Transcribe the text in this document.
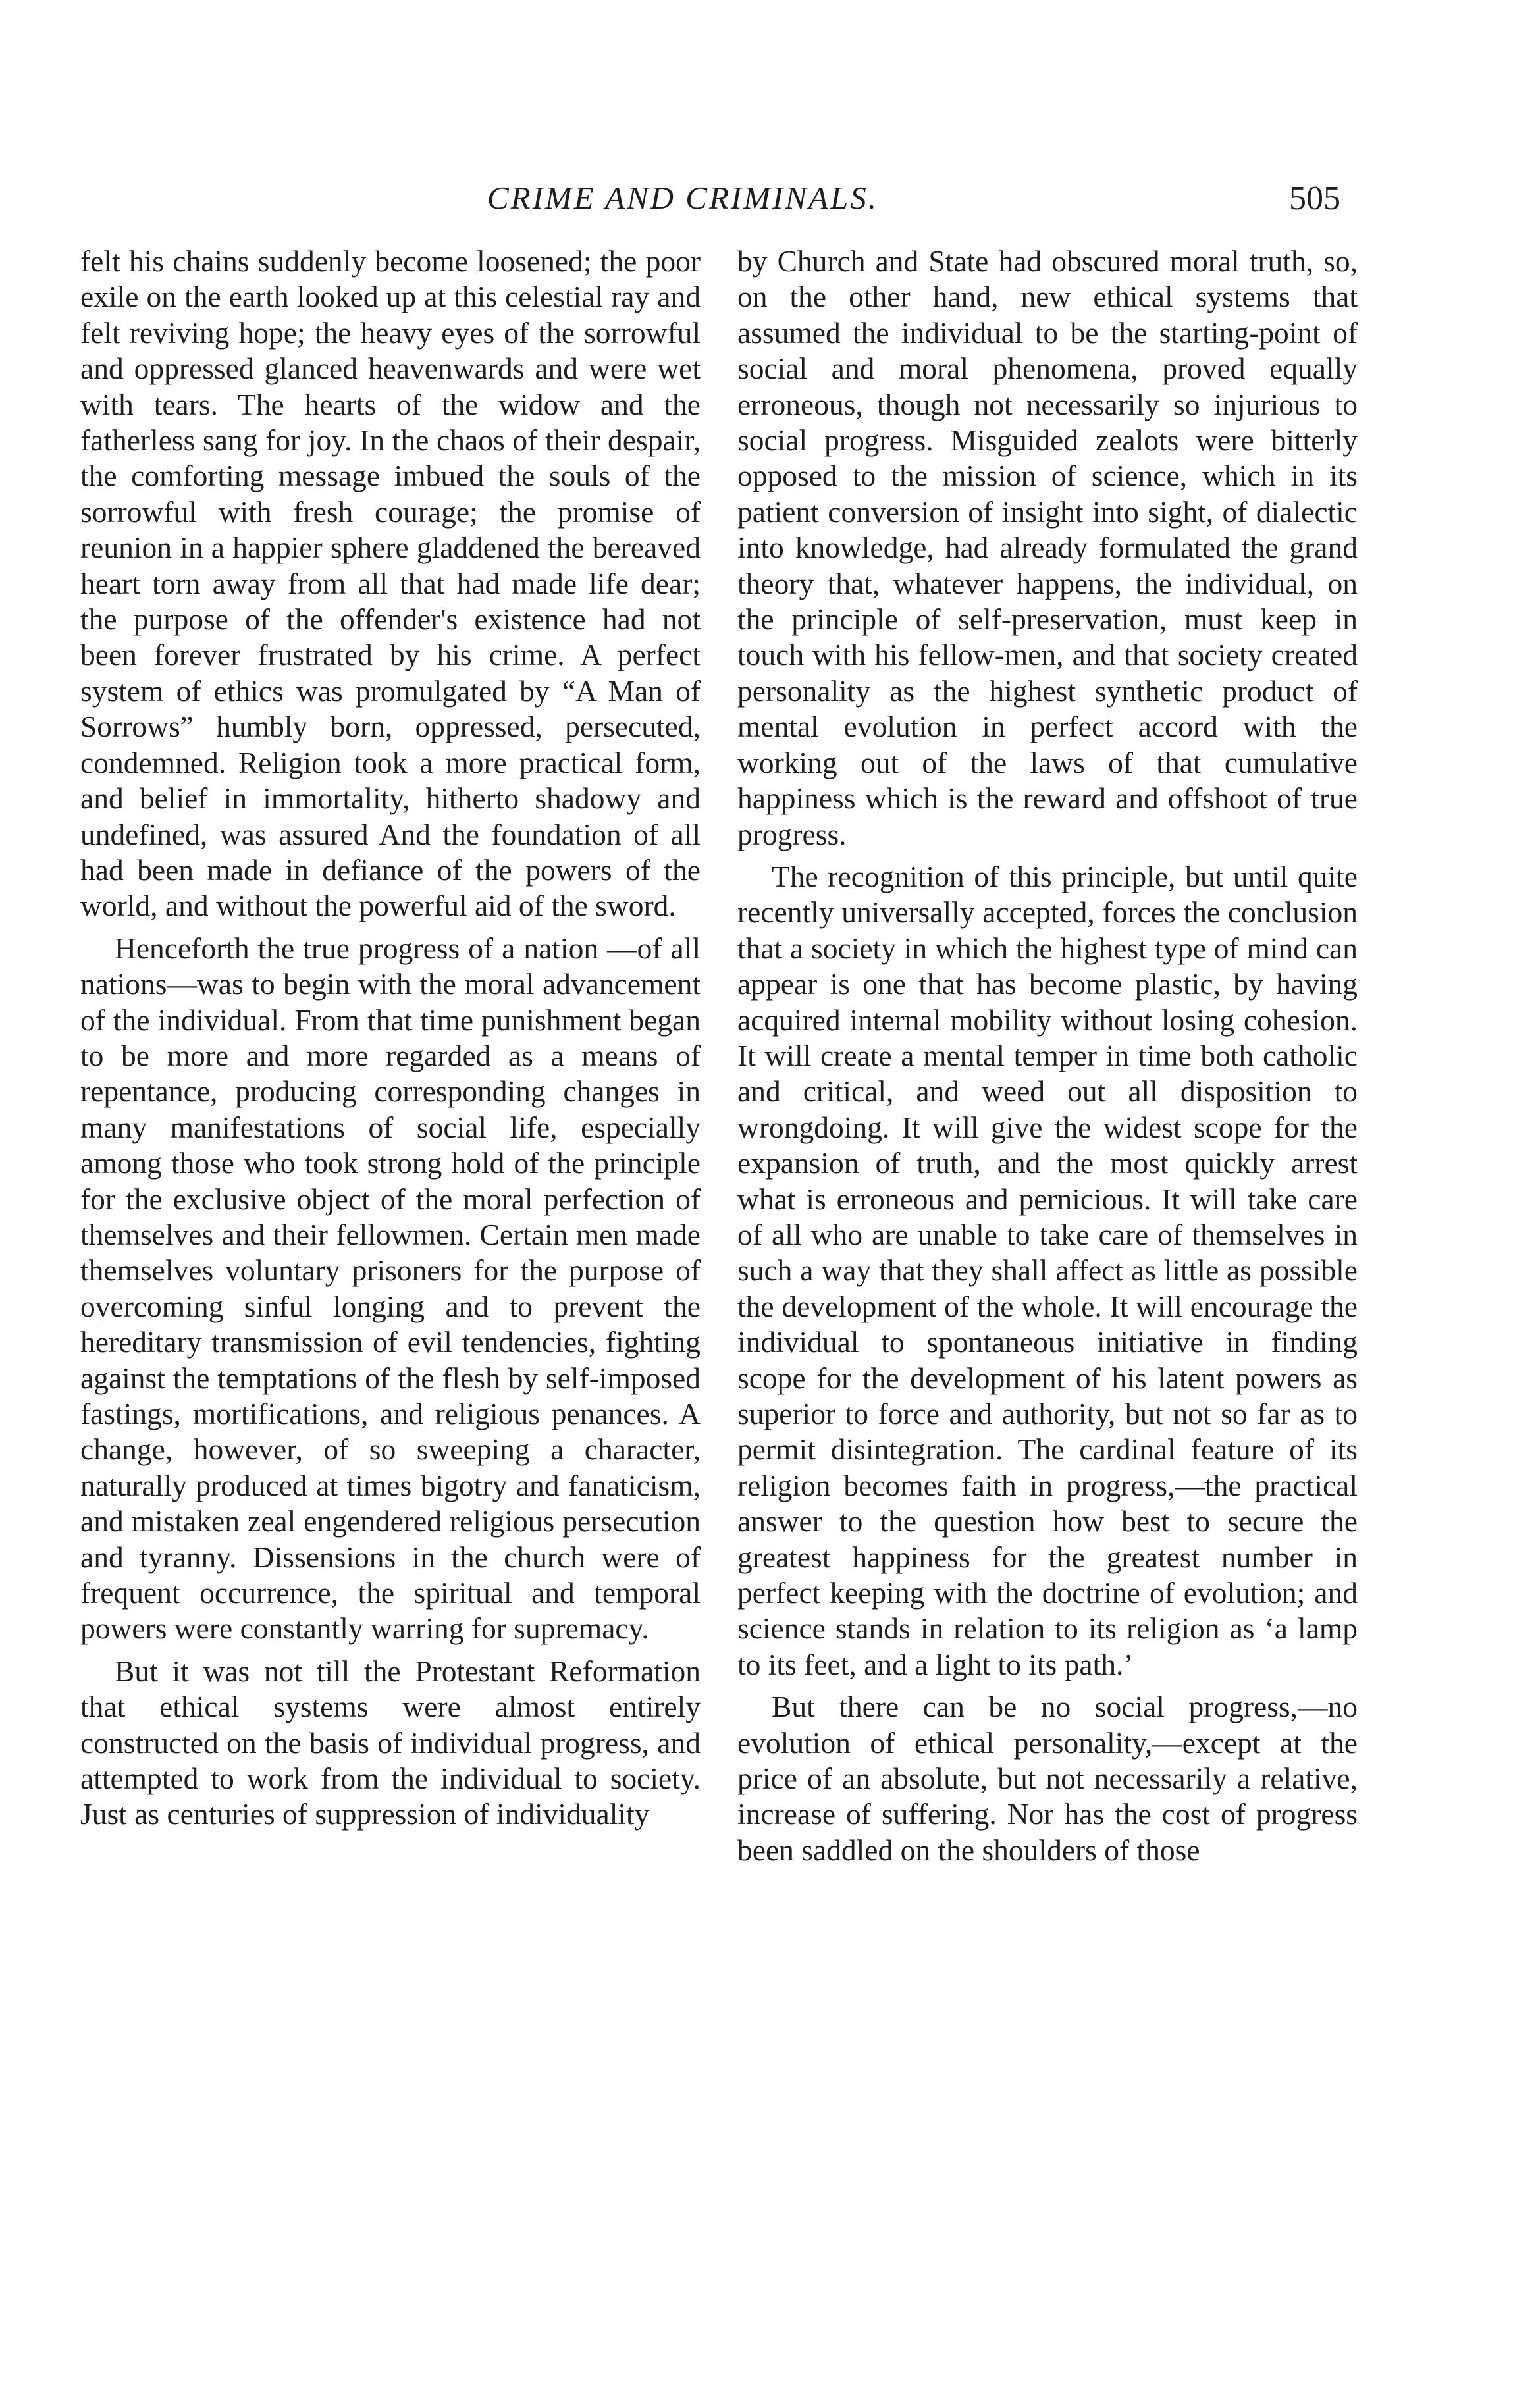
CRIME AND CRIMINALS.	505

felt his chains suddenly become loosened; the poor exile on the earth looked up at this celestial ray and felt reviving hope; the heavy eyes of the sorrowful and oppressed glanced heavenwards and were wet with tears. The hearts of the widow and the fatherless sang for joy. In the chaos of their despair, the comforting message imbued the souls of the sorrowful with fresh courage; the promise of reunion in a happier sphere gladdened the bereaved heart torn away from all that had made life dear; the purpose of the offender's existence had not been forever frustrated by his crime. A perfect system of ethics was promulgated by “A Man of Sorrows” humbly born, oppressed, persecuted, condemned. Religion took a more practical form, and belief in immortality, hitherto shadowy and undefined, was assured And the foundation of all had been made in defiance of the powers of the world, and without the powerful aid of the sword.

Henceforth the true progress of a nation —of all nations—was to begin with the moral advancement of the individual. From that time punishment began to be more and more regarded as a means of repentance, producing corresponding changes in many manifestations of social life, especially among those who took strong hold of the principle for the exclusive object of the moral perfection of themselves and their fellowmen. Certain men made themselves voluntary prisoners for the purpose of overcoming sinful longing and to prevent the hereditary transmission of evil tendencies, fighting against the temptations of the flesh by self-imposed fastings, mortifications, and religious penances. A change, however, of so sweeping a character, naturally produced at times bigotry and fanaticism, and mistaken zeal engendered religious persecution and tyranny. Dissensions in the church were of frequent occurrence, the spiritual and temporal powers were constantly warring for supremacy.

But it was not till the Protestant Reformation that ethical systems were almost entirely constructed on the basis of individual progress, and attempted to work from the individual to society. Just as centuries of suppression of individuality

by Church and State had obscured moral truth, so, on the other hand, new ethical systems that assumed the individual to be the starting-point of social and moral phenomena, proved equally erroneous, though not necessarily so injurious to social progress. Misguided zealots were bitterly opposed to the mission of science, which in its patient conversion of insight into sight, of dialectic into knowledge, had already formulated the grand theory that, whatever happens, the individual, on the principle of self-preservation, must keep in touch with his fellow-men, and that society created personality as the highest synthetic product of mental evolution in perfect accord with the working out of the laws of that cumulative happiness which is the reward and offshoot of true progress.

The recognition of this principle, but until quite recently universally accepted, forces the conclusion that a society in which the highest type of mind can appear is one that has become plastic, by having acquired internal mobility without losing cohesion. It will create a mental temper in time both catholic and critical, and weed out all disposition to wrongdoing. It will give the widest scope for the expansion of truth, and the most quickly arrest what is erroneous and pernicious. It will take care of all who are unable to take care of themselves in such a way that they shall affect as little as possible the development of the whole. It will encourage the individual to spontaneous initiative in finding scope for the development of his latent powers as superior to force and authority, but not so far as to permit disintegration. The cardinal feature of its religion becomes faith in progress,—the practical answer to the question how best to secure the greatest happiness for the greatest number in perfect keeping with the doctrine of evolution; and science stands in relation to its religion as ‘a lamp to its feet, and a light to its path.’

But there can be no social progress,—no evolution of ethical personality,—except at the price of an absolute, but not necessarily a relative, increase of suffering. Nor has the cost of progress been saddled on the shoulders of those
